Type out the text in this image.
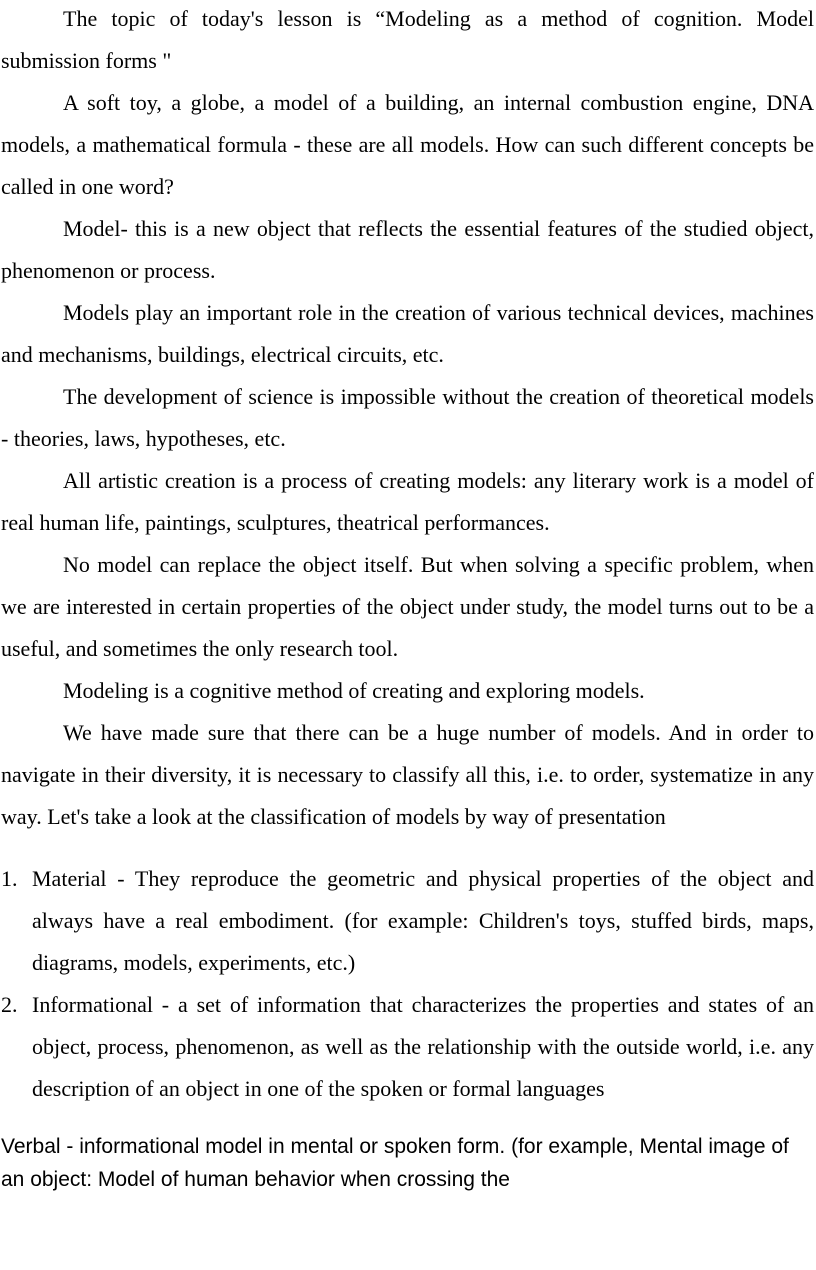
The topic of today's lesson is “Modeling as a method of cognition. Model submission forms "

A soft toy, a globe, a model of a building, an internal combustion engine, DNA models, a mathematical formula - these are all models. How can such different concepts be called in one word?

Model- this is a new object that reflects the essential features of the studied object, phenomenon or process.

Models play an important role in the creation of various technical devices, machines and mechanisms, buildings, electrical circuits, etc.

The development of science is impossible without the creation of theoretical models - theories, laws, hypotheses, etc.

All artistic creation is a process of creating models: any literary work is a model of real human life, paintings, sculptures, theatrical performances.

No model can replace the object itself. But when solving a specific problem, when we are interested in certain properties of the object under study, the model turns out to be a useful, and sometimes the only research tool.

Modeling is a cognitive method of creating and exploring models.

We have made sure that there can be a huge number of models. And in order to navigate in their diversity, it is necessary to classify all this, i.e. to order, systematize in any way. Let's take a look at the classification of models by way of presentation

1. Material - They reproduce the geometric and physical properties of the object and always have a real embodiment. (for example: Children's toys, stuffed birds, maps, diagrams, models, experiments, etc.)
2. Informational - a set of information that characterizes the properties and states of an object, process, phenomenon, as well as the relationship with the outside world, i.e. any description of an object in one of the spoken or formal languages

Verbal - informational model in mental or spoken form. (for example, Mental image of an object: Model of human behavior when crossing the
